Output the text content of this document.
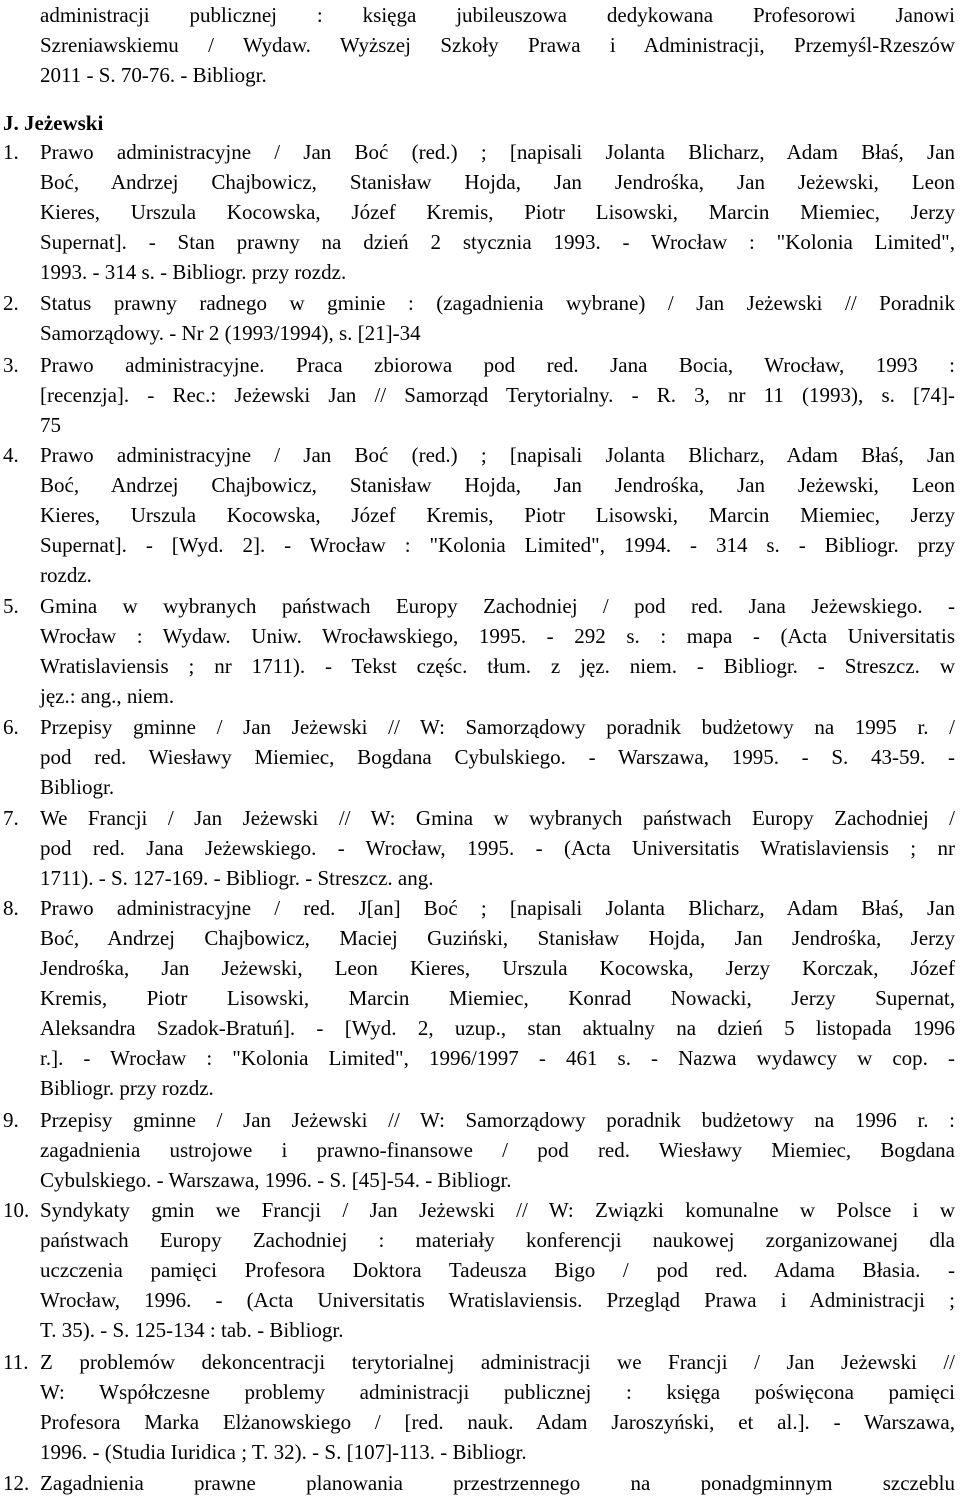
administracji publicznej : księga jubileuszowa dedykowana Profesorowi Janowi
Szreniawskiemu / Wydaw. Wyższej Szkoły Prawa i Administracji, Przemyśl-Rzeszów
2011 - S. 70-76. - Bibliogr.
J. Jeżewski
1. Prawo administracyjne / Jan Boć (red.) ; [napisali Jolanta Blicharz, Adam Błaś, Jan
Boć, Andrzej Chajbowicz, Stanisław Hojda, Jan Jendrośka, Jan Jeżewski, Leon
Kieres, Urszula Kocowska, Józef Kremis, Piotr Lisowski, Marcin Miemiec, Jerzy
Supernat]. - Stan prawny na dzień 2 stycznia 1993. - Wrocław : "Kolonia Limited",
1993. - 314 s. - Bibliogr. przy rozdz.
2. Status prawny radnego w gminie : (zagadnienia wybrane) / Jan Jeżewski // Poradnik
Samorządowy. - Nr 2 (1993/1994), s. [21]-34
3. Prawo administracyjne. Praca zbiorowa pod red. Jana Bocia, Wrocław, 1993 :
[recenzja]. - Rec.: Jeżewski Jan // Samorząd Terytorialny. - R. 3, nr 11 (1993), s. [74]-
75
4. Prawo administracyjne / Jan Boć (red.) ; [napisali Jolanta Blicharz, Adam Błaś, Jan
Boć, Andrzej Chajbowicz, Stanisław Hojda, Jan Jendrośka, Jan Jeżewski, Leon
Kieres, Urszula Kocowska, Józef Kremis, Piotr Lisowski, Marcin Miemiec, Jerzy
Supernat]. - [Wyd. 2]. - Wrocław : "Kolonia Limited", 1994. - 314 s. - Bibliogr. przy
rozdz.
5. Gmina w wybranych państwach Europy Zachodniej / pod red. Jana Jeżewskiego. -
Wrocław : Wydaw. Uniw. Wrocławskiego, 1995. - 292 s. : mapa - (Acta Universitatis
Wratislaviensis ; nr 1711). - Tekst częśc. tłum. z jęz. niem. - Bibliogr. - Streszcz. w
jęz.: ang., niem.
6. Przepisy gminne / Jan Jeżewski // W: Samorządowy poradnik budżetowy na 1995 r. /
pod red. Wiesławy Miemiec, Bogdana Cybulskiego. - Warszawa, 1995. - S. 43-59. -
Bibliogr.
7. We Francji / Jan Jeżewski // W: Gmina w wybranych państwach Europy Zachodniej /
pod red. Jana Jeżewskiego. - Wrocław, 1995. - (Acta Universitatis Wratislaviensis ; nr
1711). - S. 127-169. - Bibliogr. - Streszcz. ang.
8. Prawo administracyjne / red. J[an] Boć ; [napisali Jolanta Blicharz, Adam Błaś, Jan
Boć, Andrzej Chajbowicz, Maciej Guziński, Stanisław Hojda, Jan Jendrośka, Jerzy
Jendrośka, Jan Jeżewski, Leon Kieres, Urszula Kocowska, Jerzy Korczak, Józef
Kremis, Piotr Lisowski, Marcin Miemiec, Konrad Nowacki, Jerzy Supernat,
Aleksandra Szadok-Bratuń]. - [Wyd. 2, uzup., stan aktualny na dzień 5 listopada 1996
r.]. - Wrocław : "Kolonia Limited", 1996/1997 - 461 s. - Nazwa wydawcy w cop. -
Bibliogr. przy rozdz.
9. Przepisy gminne / Jan Jeżewski // W: Samorządowy poradnik budżetowy na 1996 r. :
zagadnienia ustrojowe i prawno-finansowe / pod red. Wiesławy Miemiec, Bogdana
Cybulskiego. - Warszawa, 1996. - S. [45]-54. - Bibliogr.
10. Syndykaty gmin we Francji / Jan Jeżewski // W: Związki komunalne w Polsce i w
państwach Europy Zachodniej : materiały konferencji naukowej zorganizowanej dla
uczczenia pamięci Profesora Doktora Tadeusza Bigo / pod red. Adama Błasia. -
Wrocław, 1996. - (Acta Universitatis Wratislaviensis. Przegląd Prawa i Administracji ;
T. 35). - S. 125-134 : tab. - Bibliogr.
11. Z problemów dekoncentracji terytorialnej administracji we Francji / Jan Jeżewski //
W: Współczesne problemy administracji publicznej : księga poświęcona pamięci
Profesora Marka Elżanowskiego / [red. nauk. Adam Jaroszyński, et al.]. - Warszawa,
1996. - (Studia Iuridica ; T. 32). - S. [107]-113. - Bibliogr.
12. Zagadnienia prawne planowania przestrzennego na ponadgminnym szczeblu
